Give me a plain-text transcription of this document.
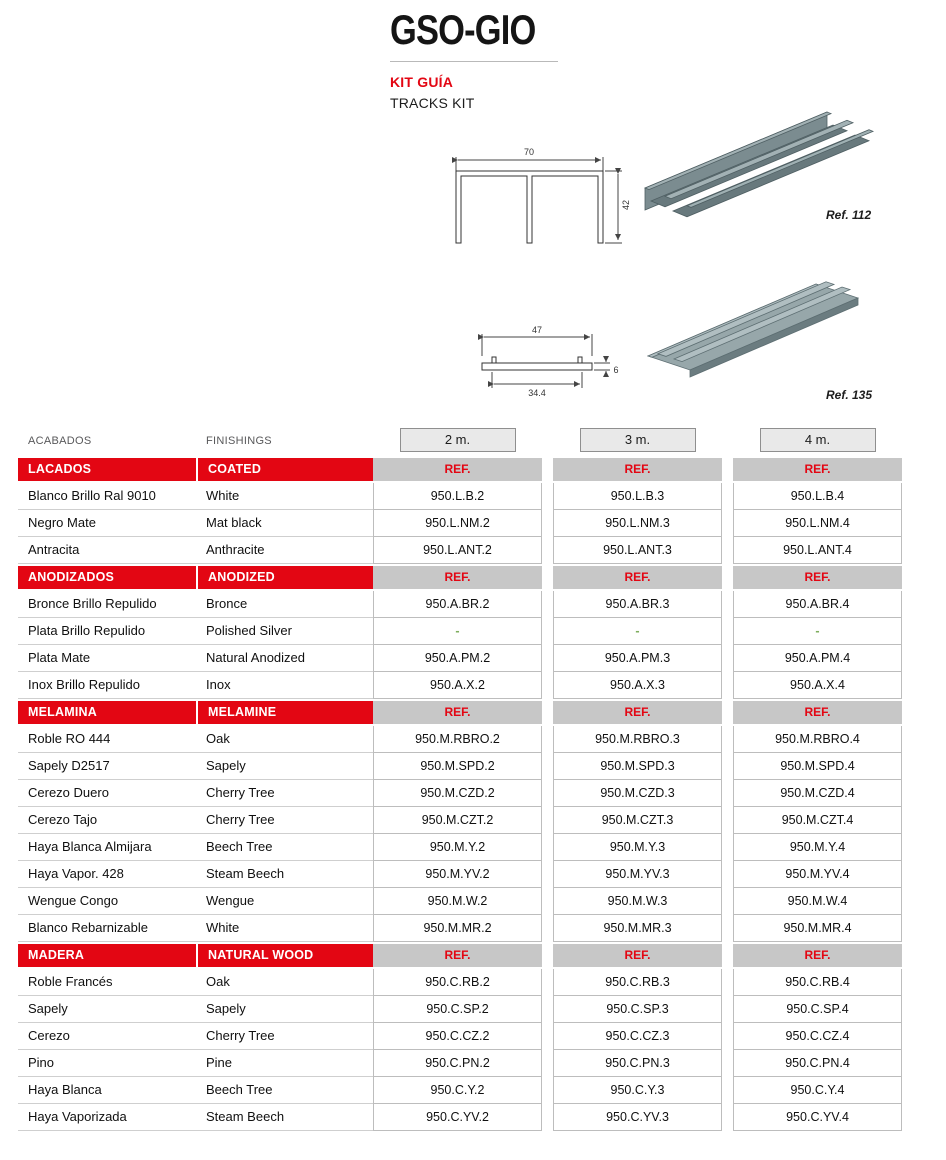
GSO-GIO
KIT GUÍA
TRACKS KIT
70
42
Ref. 112
47
34.4
6
Ref. 135
ACABADOS	FINISHINGS	2 m.	3 m.	4 m.
LACADOS	COATED	REF.	REF.	REF.
Blanco Brillo Ral 9010	White	950.L.B.2	950.L.B.3	950.L.B.4
Negro Mate	Mat black	950.L.NM.2	950.L.NM.3	950.L.NM.4
Antracita	Anthracite	950.L.ANT.2	950.L.ANT.3	950.L.ANT.4
ANODIZADOS	ANODIZED	REF.	REF.	REF.
Bronce Brillo Repulido	Bronce	950.A.BR.2	950.A.BR.3	950.A.BR.4
Plata Brillo Repulido	Polished Silver	-	-	-
Plata Mate	Natural Anodized	950.A.PM.2	950.A.PM.3	950.A.PM.4
Inox Brillo Repulido	Inox	950.A.X.2	950.A.X.3	950.A.X.4
MELAMINA	MELAMINE	REF.	REF.	REF.
Roble RO 444	Oak	950.M.RBRO.2	950.M.RBRO.3	950.M.RBRO.4
Sapely D2517	Sapely	950.M.SPD.2	950.M.SPD.3	950.M.SPD.4
Cerezo Duero	Cherry Tree	950.M.CZD.2	950.M.CZD.3	950.M.CZD.4
Cerezo Tajo	Cherry Tree	950.M.CZT.2	950.M.CZT.3	950.M.CZT.4
Haya Blanca Almijara	Beech Tree	950.M.Y.2	950.M.Y.3	950.M.Y.4
Haya Vapor. 428	Steam Beech	950.M.YV.2	950.M.YV.3	950.M.YV.4
Wengue Congo	Wengue	950.M.W.2	950.M.W.3	950.M.W.4
Blanco Rebarnizable	White	950.M.MR.2	950.M.MR.3	950.M.MR.4
MADERA	NATURAL WOOD	REF.	REF.	REF.
Roble Francés	Oak	950.C.RB.2	950.C.RB.3	950.C.RB.4
Sapely	Sapely	950.C.SP.2	950.C.SP.3	950.C.SP.4
Cerezo	Cherry Tree	950.C.CZ.2	950.C.CZ.3	950.C.CZ.4
Pino	Pine	950.C.PN.2	950.C.PN.3	950.C.PN.4
Haya Blanca	Beech Tree	950.C.Y.2	950.C.Y.3	950.C.Y.4
Haya Vaporizada	Steam Beech	950.C.YV.2	950.C.YV.3	950.C.YV.4
